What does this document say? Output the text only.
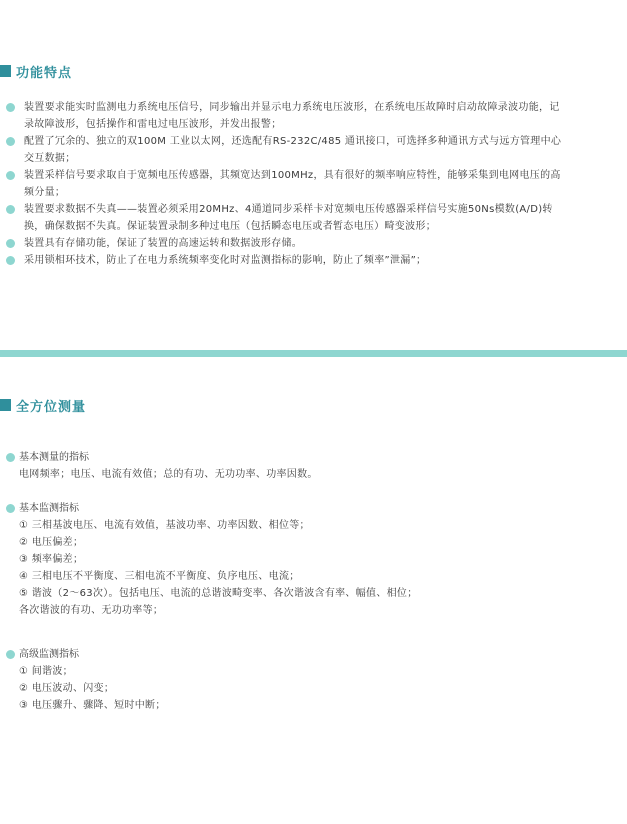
功能特点
装置要求能实时监测电力系统电压信号，同步输出并显示电力系统电压波形，在系统电压故障时启动故障录波功能，记录故障波形，包括操作和雷电过电压波形，并发出报警；
配置了冗余的、独立的双100M 工业以太网，还选配有RS-232C/485 通讯接口，可选择多种通讯方式与远方管理中心交互数据；
装置采样信号要求取自于宽频电压传感器，其频宽达到100MHz，具有很好的频率响应特性，能够采集到电网电压的高频分量；
装置要求数据不失真——装置必须采用20MHz、4通道同步采样卡对宽频电压传感器采样信号实施50Ns模数(A/D)转换，确保数据不失真。保证装置录制多种过电压（包括瞬态电压或者暂态电压）畸变波形；
装置具有存储功能，保证了装置的高速运转和数据波形存储。
采用锁相环技术，防止了在电力系统频率变化时对监测指标的影响，防止了频率”泄漏”；
全方位测量
基本测量的指标
电网频率；电压、电流有效值；总的有功、无功功率、功率因数。
基本监测指标
① 三相基波电压、电流有效值，基波功率、功率因数、相位等；
② 电压偏差；
③ 频率偏差；
④ 三相电压不平衡度、三相电流不平衡度、负序电压、电流；
⑤ 谐波（2～63次）。包括电压、电流的总谐波畸变率、各次谐波含有率、幅值、相位；
各次谐波的有功、无功功率等；
高级监测指标
① 间谐波；
② 电压波动、闪变；
③ 电压骤升、骤降、短时中断；
